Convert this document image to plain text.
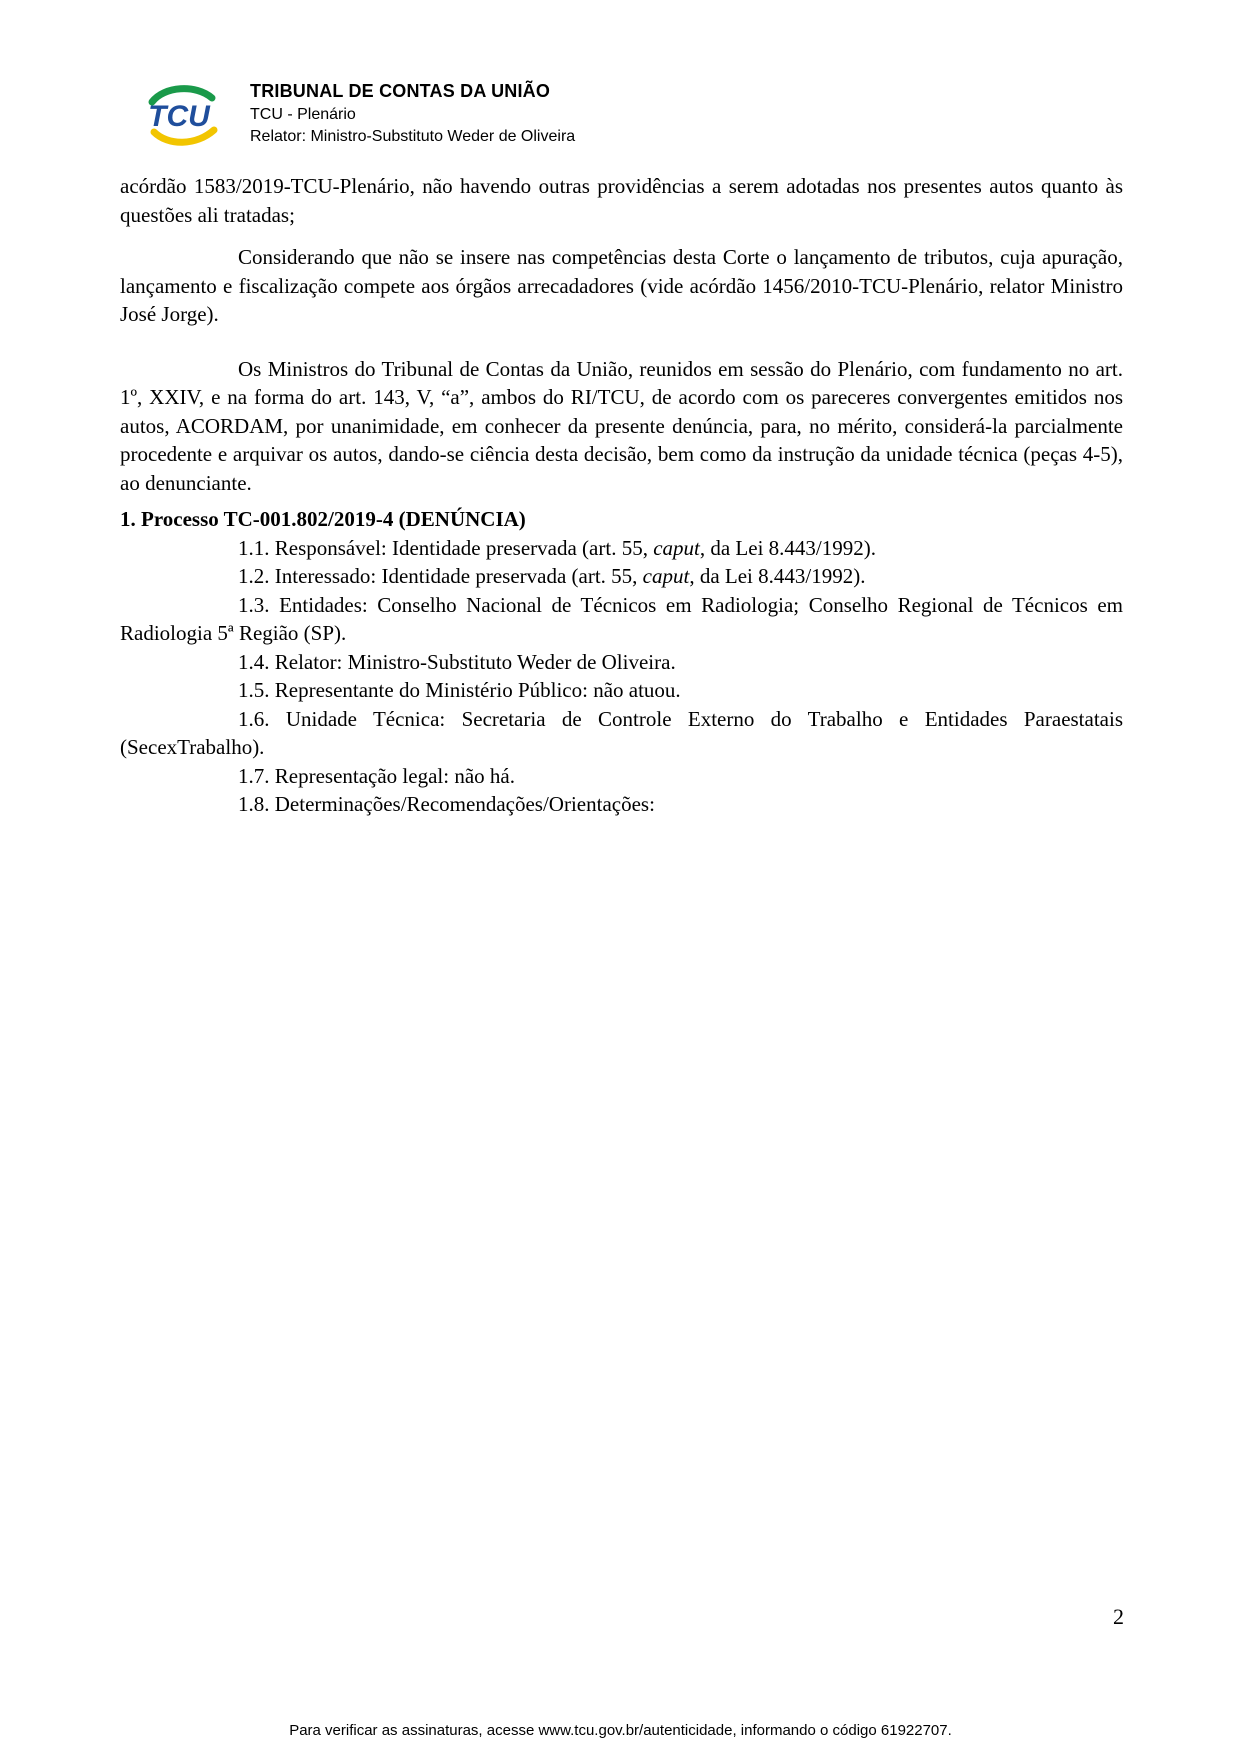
TCU
TRIBUNAL DE CONTAS DA UNIÃO
TCU - Plenário
Relator: Ministro-Substituto Weder de Oliveira

acórdão 1583/2019-TCU-Plenário, não havendo outras providências a serem adotadas nos presentes autos quanto às questões ali tratadas;

Considerando que não se insere nas competências desta Corte o lançamento de tributos, cuja apuração, lançamento e fiscalização compete aos órgãos arrecadadores (vide acórdão 1456/2010-TCU-Plenário, relator Ministro José Jorge).

Os Ministros do Tribunal de Contas da União, reunidos em sessão do Plenário, com fundamento no art. 1º, XXIV, e na forma do art. 143, V, “a”, ambos do RI/TCU, de acordo com os pareceres convergentes emitidos nos autos, ACORDAM, por unanimidade, em conhecer da presente denúncia, para, no mérito, considerá-la parcialmente procedente e arquivar os autos, dando-se ciência desta decisão, bem como da instrução da unidade técnica (peças 4-5), ao denunciante.

1. Processo TC-001.802/2019-4 (DENÚNCIA)

1.1. Responsável: Identidade preservada (art. 55, caput, da Lei 8.443/1992).

1.2. Interessado: Identidade preservada (art. 55, caput, da Lei 8.443/1992).

1.3. Entidades: Conselho Nacional de Técnicos em Radiologia; Conselho Regional de Técnicos em Radiologia 5ª Região (SP).

1.4. Relator: Ministro-Substituto Weder de Oliveira.

1.5. Representante do Ministério Público: não atuou.

1.6. Unidade Técnica: Secretaria de Controle Externo do Trabalho e Entidades Paraestatais (SecexTrabalho).

1.7. Representação legal: não há.

1.8. Determinações/Recomendações/Orientações:

2
Para verificar as assinaturas, acesse www.tcu.gov.br/autenticidade, informando o código 61922707.
